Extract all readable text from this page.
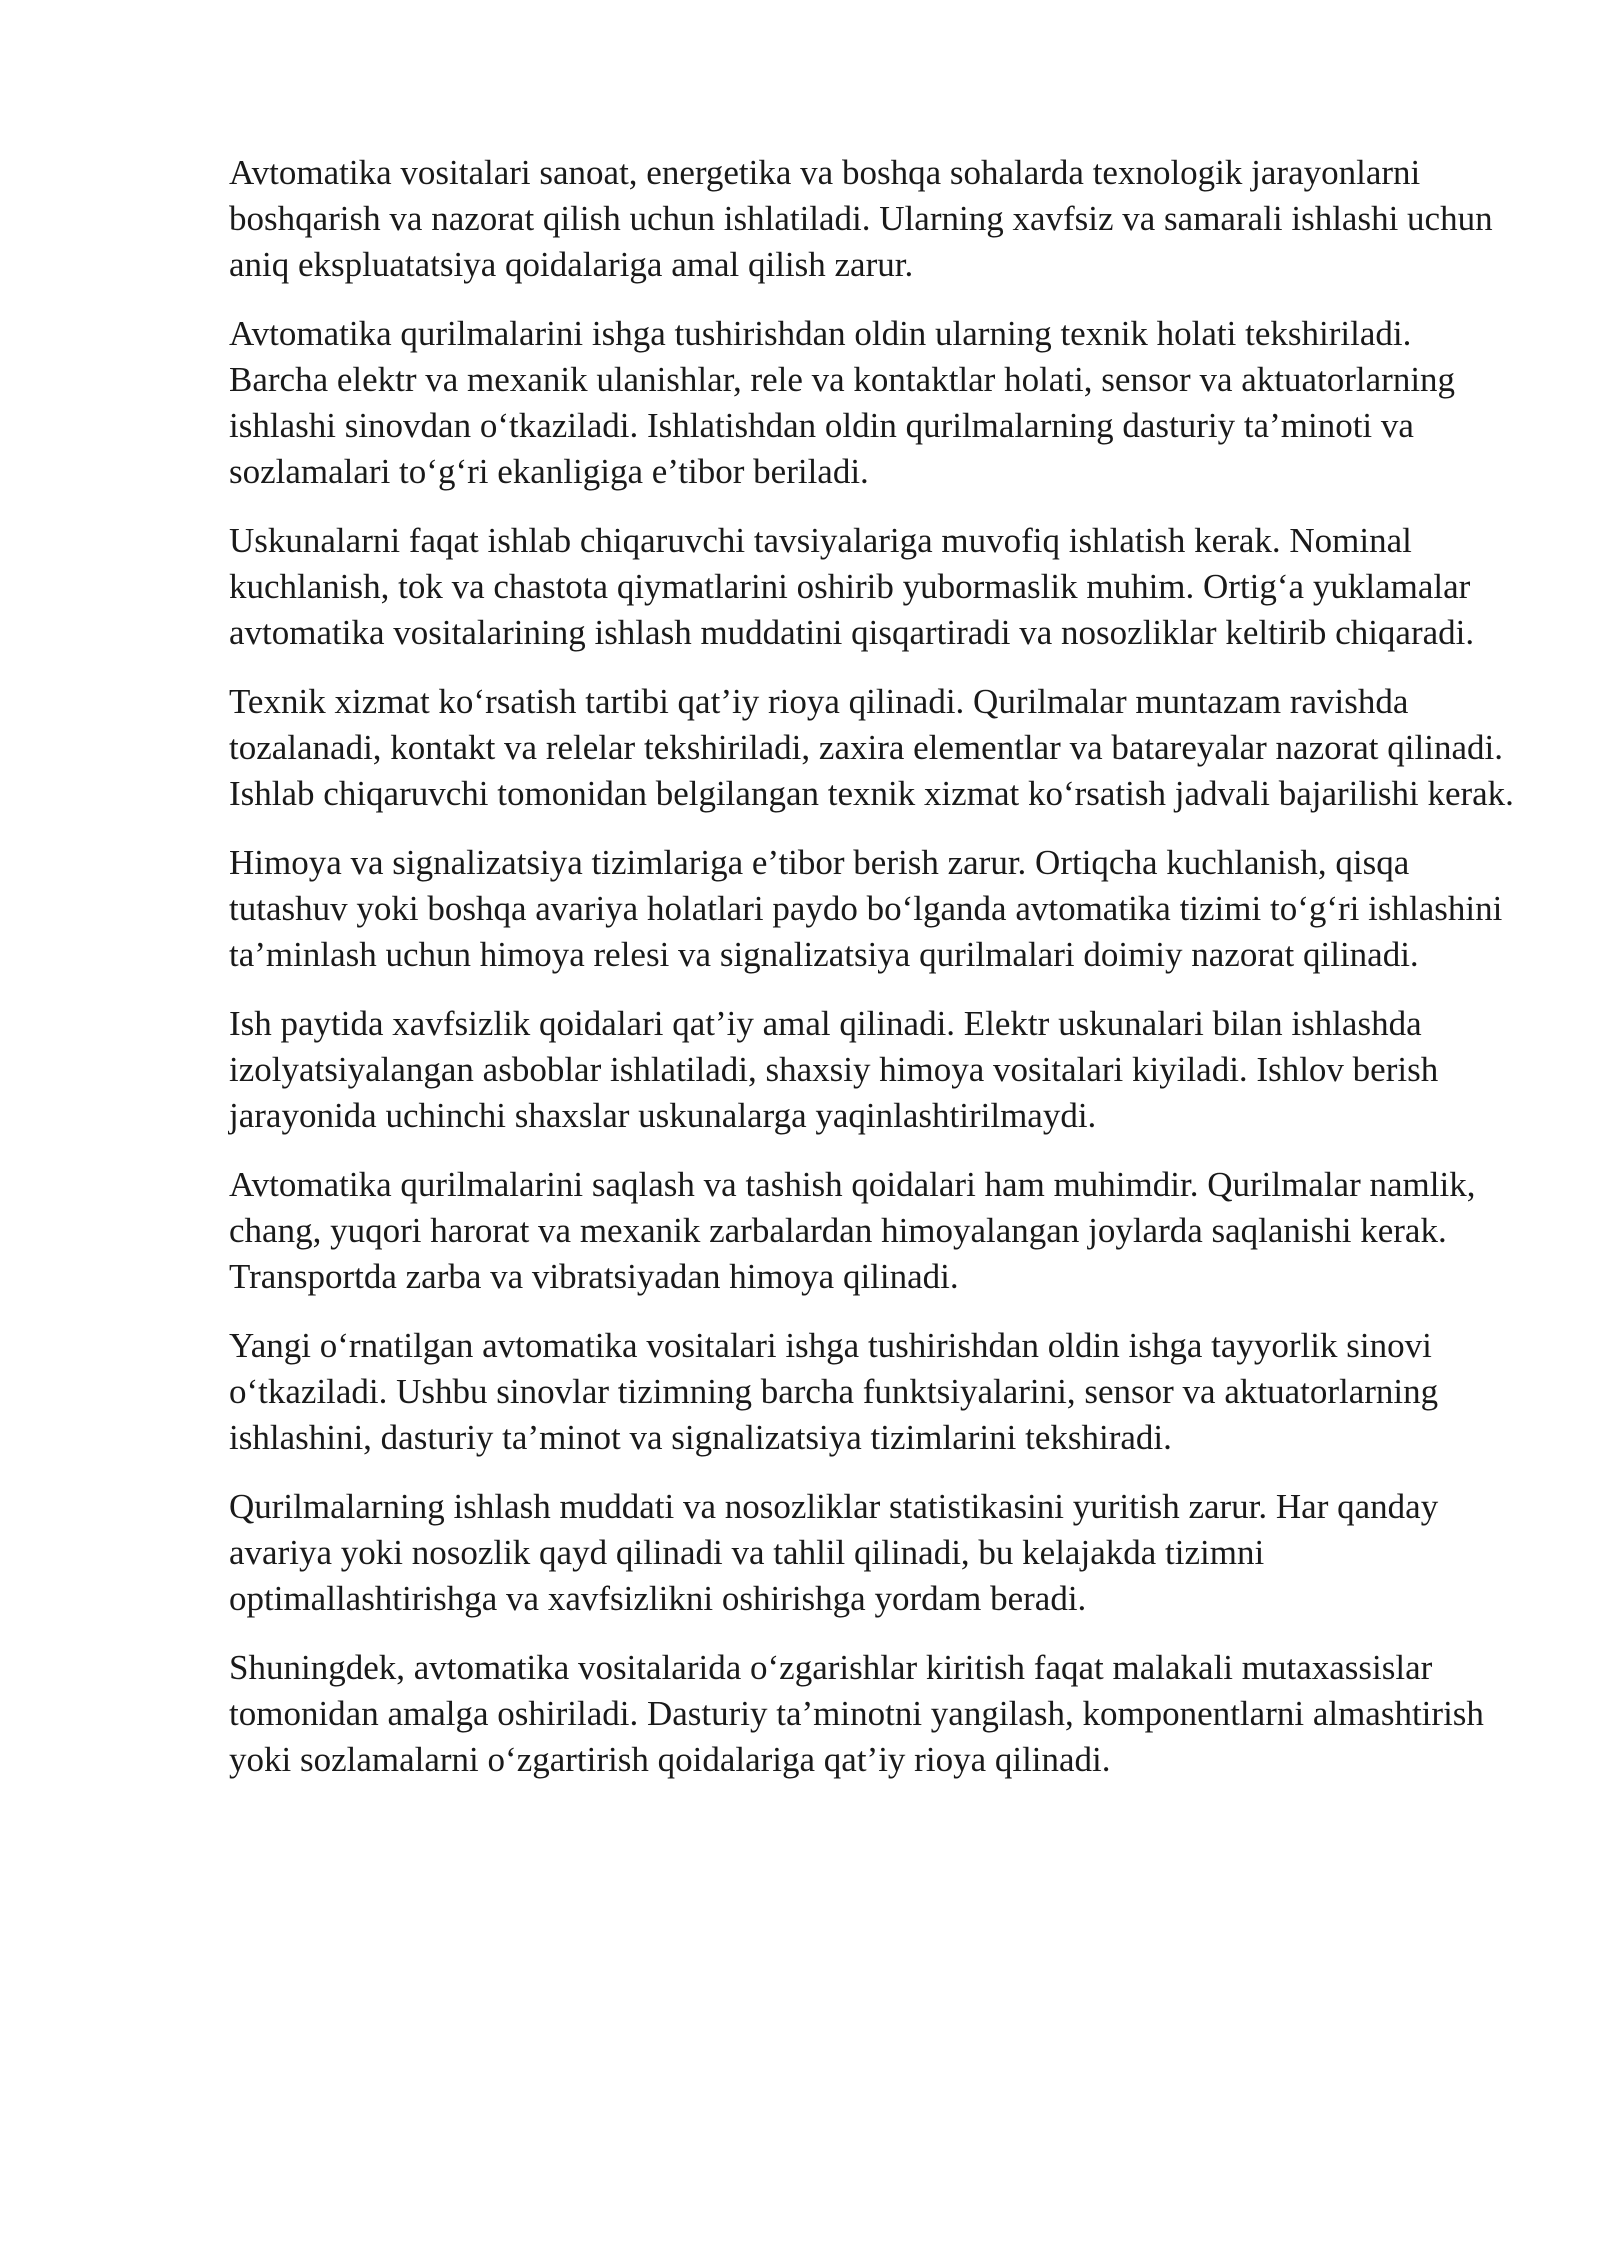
Avtomatika vositalari sanoat, energetika va boshqa sohalarda texnologik jarayonlarni boshqarish va nazorat qilish uchun ishlatiladi. Ularning xavfsiz va samarali ishlashi uchun aniq ekspluatatsiya qoidalariga amal qilish zarur.

Avtomatika qurilmalarini ishga tushirishdan oldin ularning texnik holati tekshiriladi. Barcha elektr va mexanik ulanishlar, rele va kontaktlar holati, sensor va aktuatorlarning ishlashi sinovdan o‘tkaziladi. Ishlatishdan oldin qurilmalarning dasturiy ta’minoti va sozlamalari to‘g‘ri ekanligiga e’tibor beriladi.

Uskunalarni faqat ishlab chiqaruvchi tavsiyalariga muvofiq ishlatish kerak. Nominal kuchlanish, tok va chastota qiymatlarini oshirib yubormaslik muhim. Ortig‘a yuklamalar avtomatika vositalarining ishlash muddatini qisqartiradi va nosozliklar keltirib chiqaradi.

Texnik xizmat ko‘rsatish tartibi qat’iy rioya qilinadi. Qurilmalar muntazam ravishda tozalanadi, kontakt va relelar tekshiriladi, zaxira elementlar va batareyalar nazorat qilinadi. Ishlab chiqaruvchi tomonidan belgilangan texnik xizmat ko‘rsatish jadvali bajarilishi kerak.

Himoya va signalizatsiya tizimlariga e’tibor berish zarur. Ortiqcha kuchlanish, qisqa tutashuv yoki boshqa avariya holatlari paydo bo‘lganda avtomatika tizimi to‘g‘ri ishlashini ta’minlash uchun himoya relesi va signalizatsiya qurilmalari doimiy nazorat qilinadi.

Ish paytida xavfsizlik qoidalari qat’iy amal qilinadi. Elektr uskunalari bilan ishlashda izolyatsiyalangan asboblar ishlatiladi, shaxsiy himoya vositalari kiyiladi. Ishlov berish jarayonida uchinchi shaxslar uskunalarga yaqinlashtirilmaydi.

Avtomatika qurilmalarini saqlash va tashish qoidalari ham muhimdir. Qurilmalar namlik, chang, yuqori harorat va mexanik zarbalardan himoyalangan joylarda saqlanishi kerak. Transportda zarba va vibratsiyadan himoya qilinadi.

Yangi o‘rnatilgan avtomatika vositalari ishga tushirishdan oldin ishga tayyorlik sinovi o‘tkaziladi. Ushbu sinovlar tizimning barcha funktsiyalarini, sensor va aktuatorlarning ishlashini, dasturiy ta’minot va signalizatsiya tizimlarini tekshiradi.

Qurilmalarning ishlash muddati va nosozliklar statistikasini yuritish zarur. Har qanday avariya yoki nosozlik qayd qilinadi va tahlil qilinadi, bu kelajakda tizimni optimallashtirishga va xavfsizlikni oshirishga yordam beradi.

Shuningdek, avtomatika vositalarida o‘zgarishlar kiritish faqat malakali mutaxassislar tomonidan amalga oshiriladi. Dasturiy ta’minotni yangilash, komponentlarni almashtirish yoki sozlamalarni o‘zgartirish qoidalariga qat’iy rioya qilinadi.
